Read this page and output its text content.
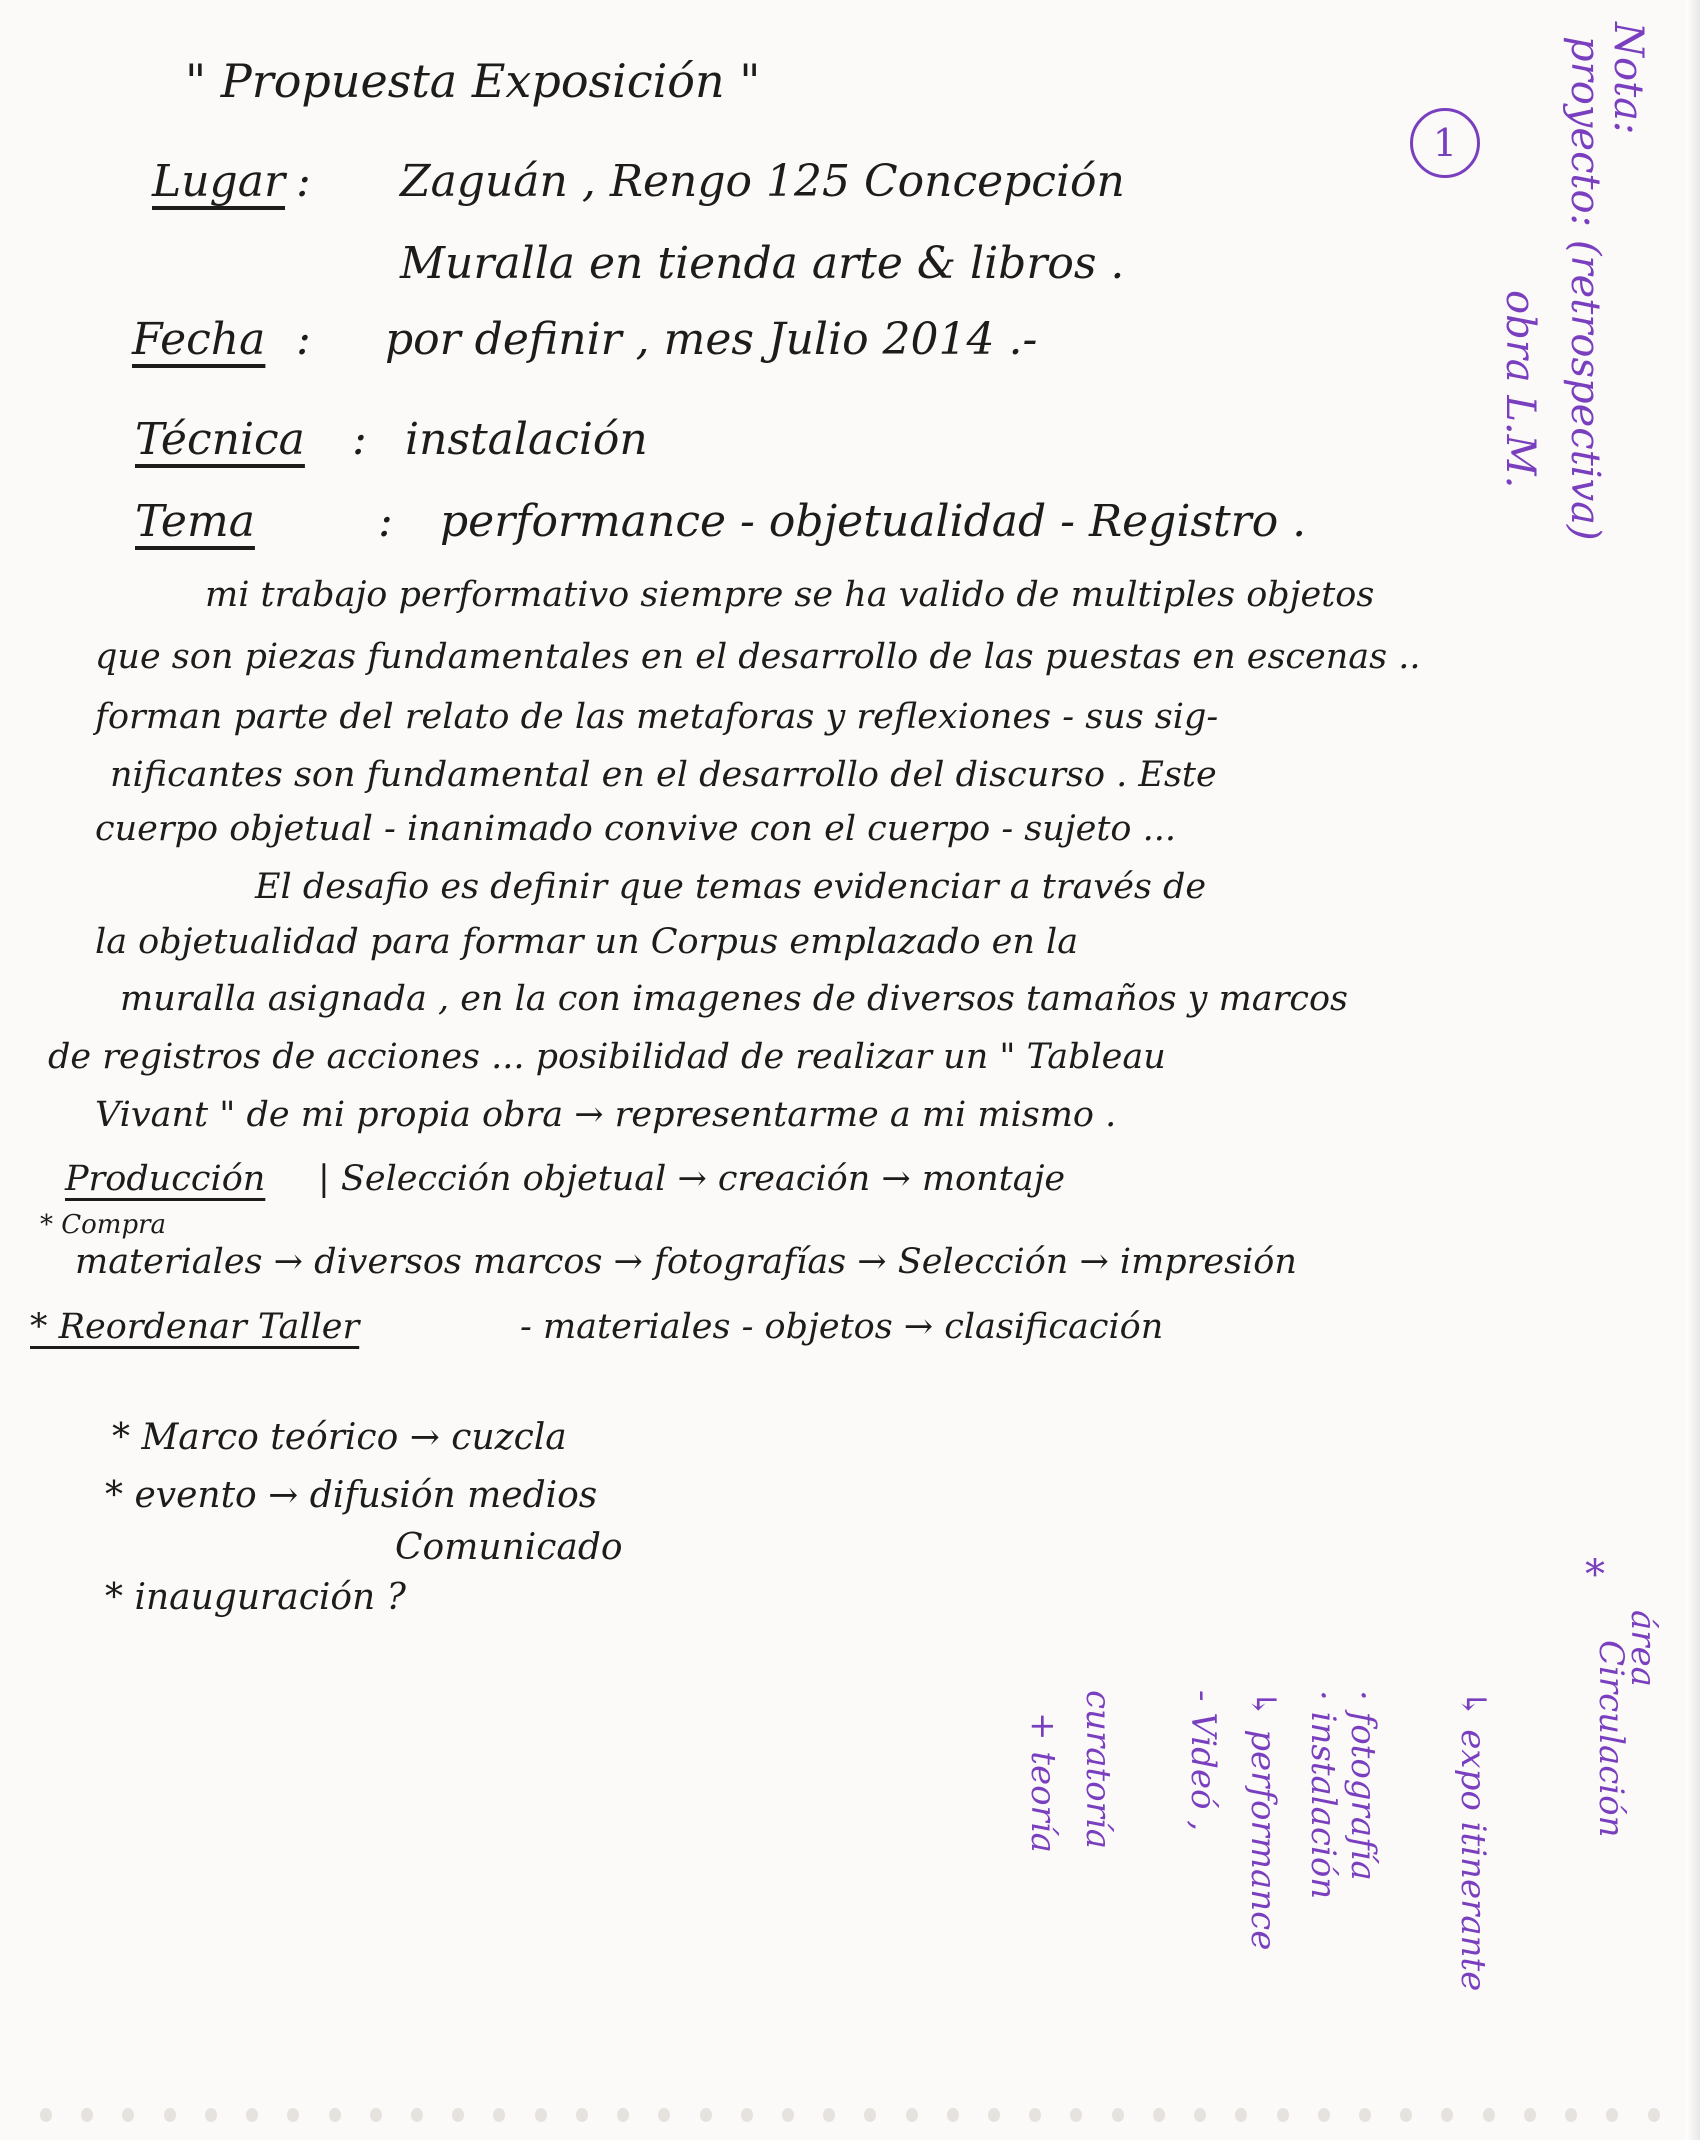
" Propuesta Exposición "
Lugar : Zaguán , Rengo 125 Concepción
Muralla en tienda arte & libros .
Fecha : por definir , mes Julio 2014 .-
Técnica : instalación
Tema	: performance - objetualidad - Registro .
mi trabajo performativo siempre se ha valido de multiples objetos
que son piezas fundamentales en el desarrollo de las puestas en escenas ..
forman parte del relato de las metaforas y reflexiones - sus sig-
nificantes son fundamental en el desarrollo del discurso . Este
cuerpo objetual - inanimado convive con el cuerpo - sujeto ...
El desafio es definir que temas evidenciar a través de
la objetualidad para formar un Corpus emplazado en la
muralla asignada , en la con imagenes de diversos tamaños y marcos
de registros de acciones ... posibilidad de realizar un " Tableau
Vivant " de mi propia obra → representarme a mi mismo .
Producción | Selección objetual → creación → montaje
* Compra
materiales → diversos marcos → fotografías → Selección → impresión
* Reordenar Taller	- materiales - objetos → clasificación
* Marco teórico → cuzcla
* evento → difusión medios
Comunicado
* inauguración ?
1
Nota:
proyecto: (retrospectiva)
obra L.M.
*
área
Circulación
↳ expo itinerante
· fotografía
· instalación
↳ performance
- Videó ,
curatoría
+ teoría
